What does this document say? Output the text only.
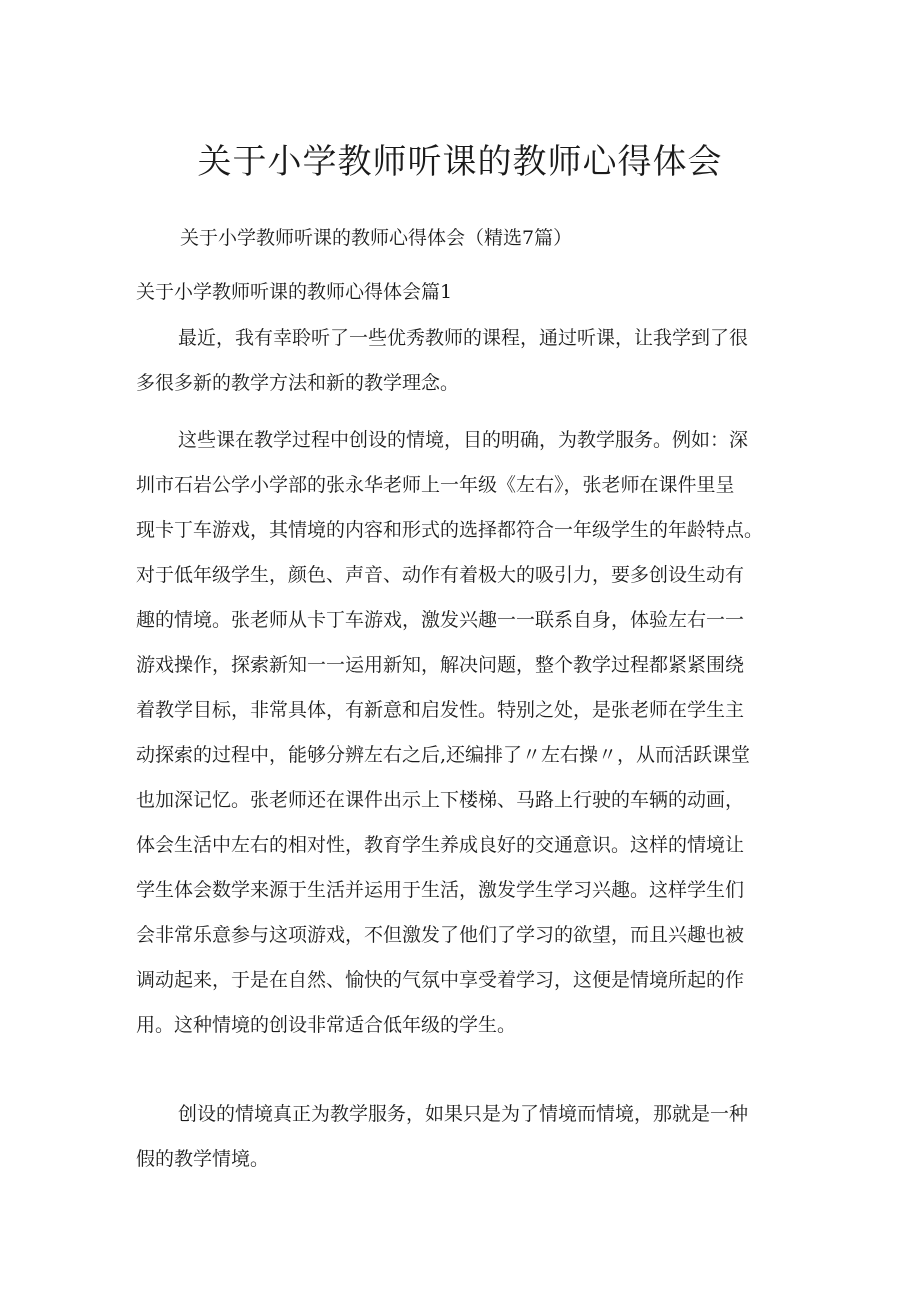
关于小学教师听课的教师心得体会

关于小学教师听课的教师心得体会（精选7篇）

关于小学教师听课的教师心得体会篇1
最近，我有幸聆听了一些优秀教师的课程，通过听课，让我学到了很
多很多新的教学方法和新的教学理念。
这些课在教学过程中创设的情境，目的明确，为教学服务。例如：深
圳市石岩公学小学部的张永华老师上一年级《左右》，张老师在课件里呈
现卡丁车游戏，其情境的内容和形式的选择都符合一年级学生的年龄特点。
对于低年级学生，颜色、声音、动作有着极大的吸引力，要多创设生动有
趣的情境。张老师从卡丁车游戏，激发兴趣一一联系自身，体验左右一一
游戏操作，探索新知一一运用新知，解决问题，整个教学过程都紧紧围绕
着教学目标，非常具体，有新意和启发性。特别之处，是张老师在学生主
动探索的过程中，能够分辨左右之后,还编排了〃左右操〃，从而活跃课堂
也加深记忆。张老师还在课件出示上下楼梯、马路上行驶的车辆的动画，
体会生活中左右的相对性，教育学生养成良好的交通意识。这样的情境让
学生体会数学来源于生活并运用于生活，激发学生学习兴趣。这样学生们
会非常乐意参与这项游戏，不但激发了他们了学习的欲望，而且兴趣也被
调动起来，于是在自然、愉快的气氛中享受着学习，这便是情境所起的作
用。这种情境的创设非常适合低年级的学生。
创设的情境真正为教学服务，如果只是为了情境而情境，那就是一种
假的教学情境。
